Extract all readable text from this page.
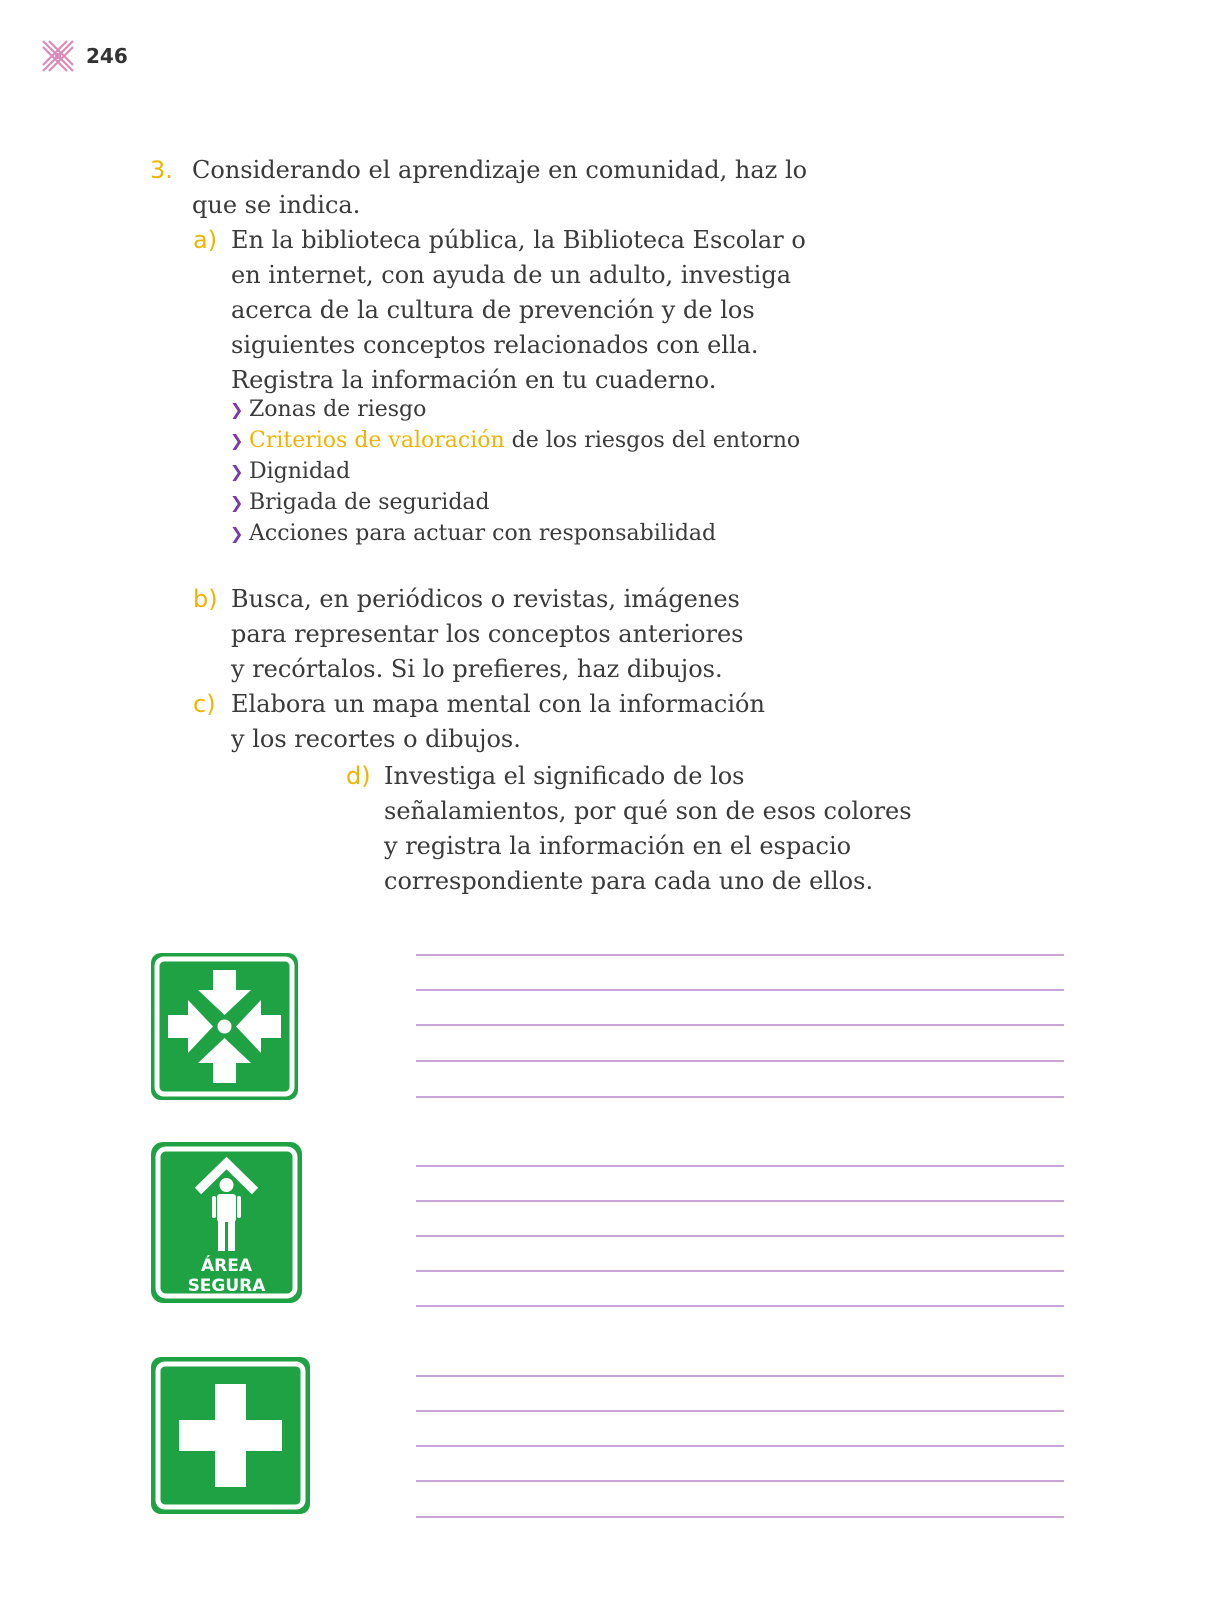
246
3. Considerando el aprendizaje en comunidad, haz lo
que se indica.
a) En la biblioteca pública, la Biblioteca Escolar o
en internet, con ayuda de un adulto, investiga
acerca de la cultura de prevención y de los
siguientes conceptos relacionados con ella.
Registra la información en tu cuaderno.
❯ Zonas de riesgo
❯ Criterios de valoración de los riesgos del entorno
❯ Dignidad
❯ Brigada de seguridad
❯ Acciones para actuar con responsabilidad
b) Busca, en periódicos o revistas, imágenes
para representar los conceptos anteriores
y recórtalos. Si lo prefieres, haz dibujos.
c) Elabora un mapa mental con la información
y los recortes o dibujos.
d) Investiga el significado de los
señalamientos, por qué son de esos colores
y registra la información en el espacio
correspondiente para cada uno de ellos.
ÁREA
SEGURA
